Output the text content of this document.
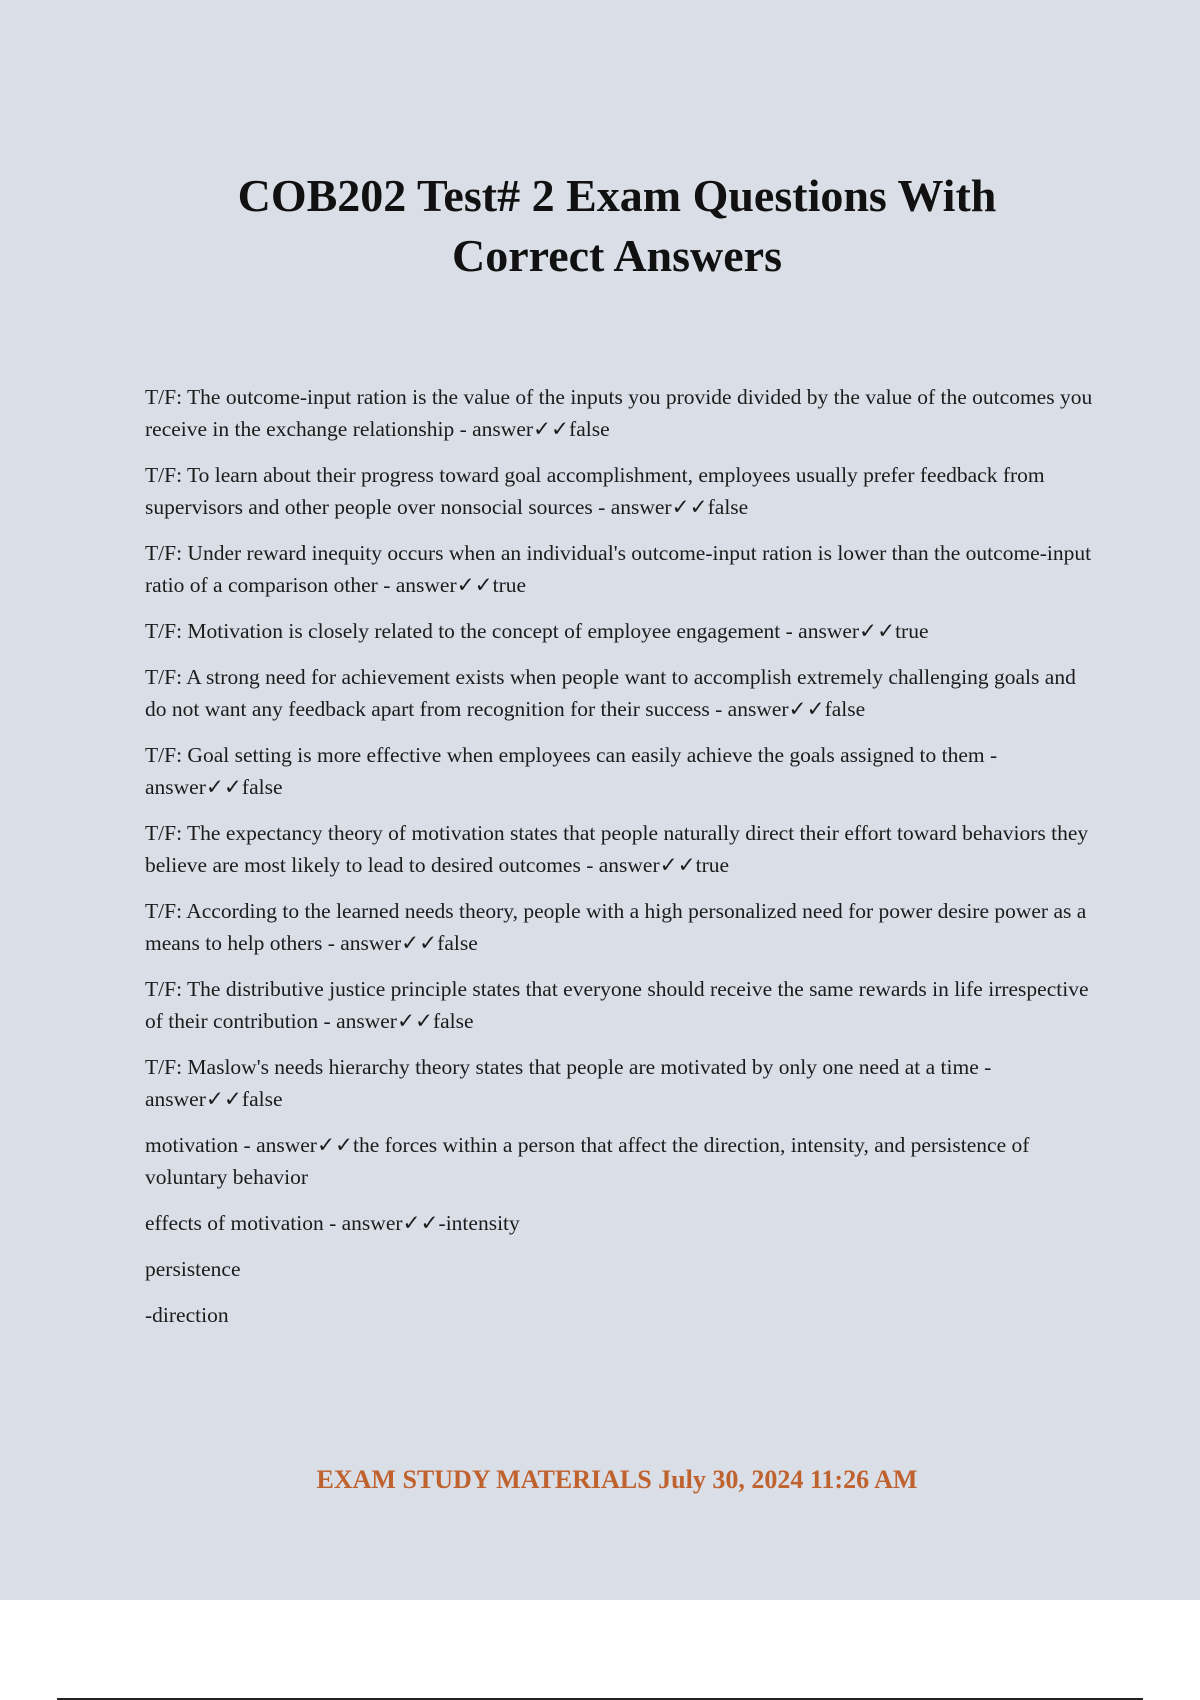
COB202 Test# 2 Exam Questions With
Correct Answers
T/F: The outcome-input ration is the value of the inputs you provide divided by the value of the outcomes you receive in the exchange relationship - answer✓✓false
T/F: To learn about their progress toward goal accomplishment, employees usually prefer feedback from supervisors and other people over nonsocial sources - answer✓✓false
T/F: Under reward inequity occurs when an individual's outcome-input ration is lower than the outcome-input ratio of a comparison other - answer✓✓true
T/F: Motivation is closely related to the concept of employee engagement - answer✓✓true
T/F: A strong need for achievement exists when people want to accomplish extremely challenging goals and do not want any feedback apart from recognition for their success - answer✓✓false
T/F: Goal setting is more effective when employees can easily achieve the goals assigned to them - answer✓✓false
T/F: The expectancy theory of motivation states that people naturally direct their effort toward behaviors they believe are most likely to lead to desired outcomes - answer✓✓true
T/F: According to the learned needs theory, people with a high personalized need for power desire power as a means to help others - answer✓✓false
T/F: The distributive justice principle states that everyone should receive the same rewards in life irrespective of their contribution - answer✓✓false
T/F: Maslow's needs hierarchy theory states that people are motivated by only one need at a time - answer✓✓false
motivation - answer✓✓the forces within a person that affect the direction, intensity, and persistence of voluntary behavior
effects of motivation - answer✓✓-intensity
persistence
-direction
EXAM STUDY MATERIALS July 30, 2024 11:26 AM
